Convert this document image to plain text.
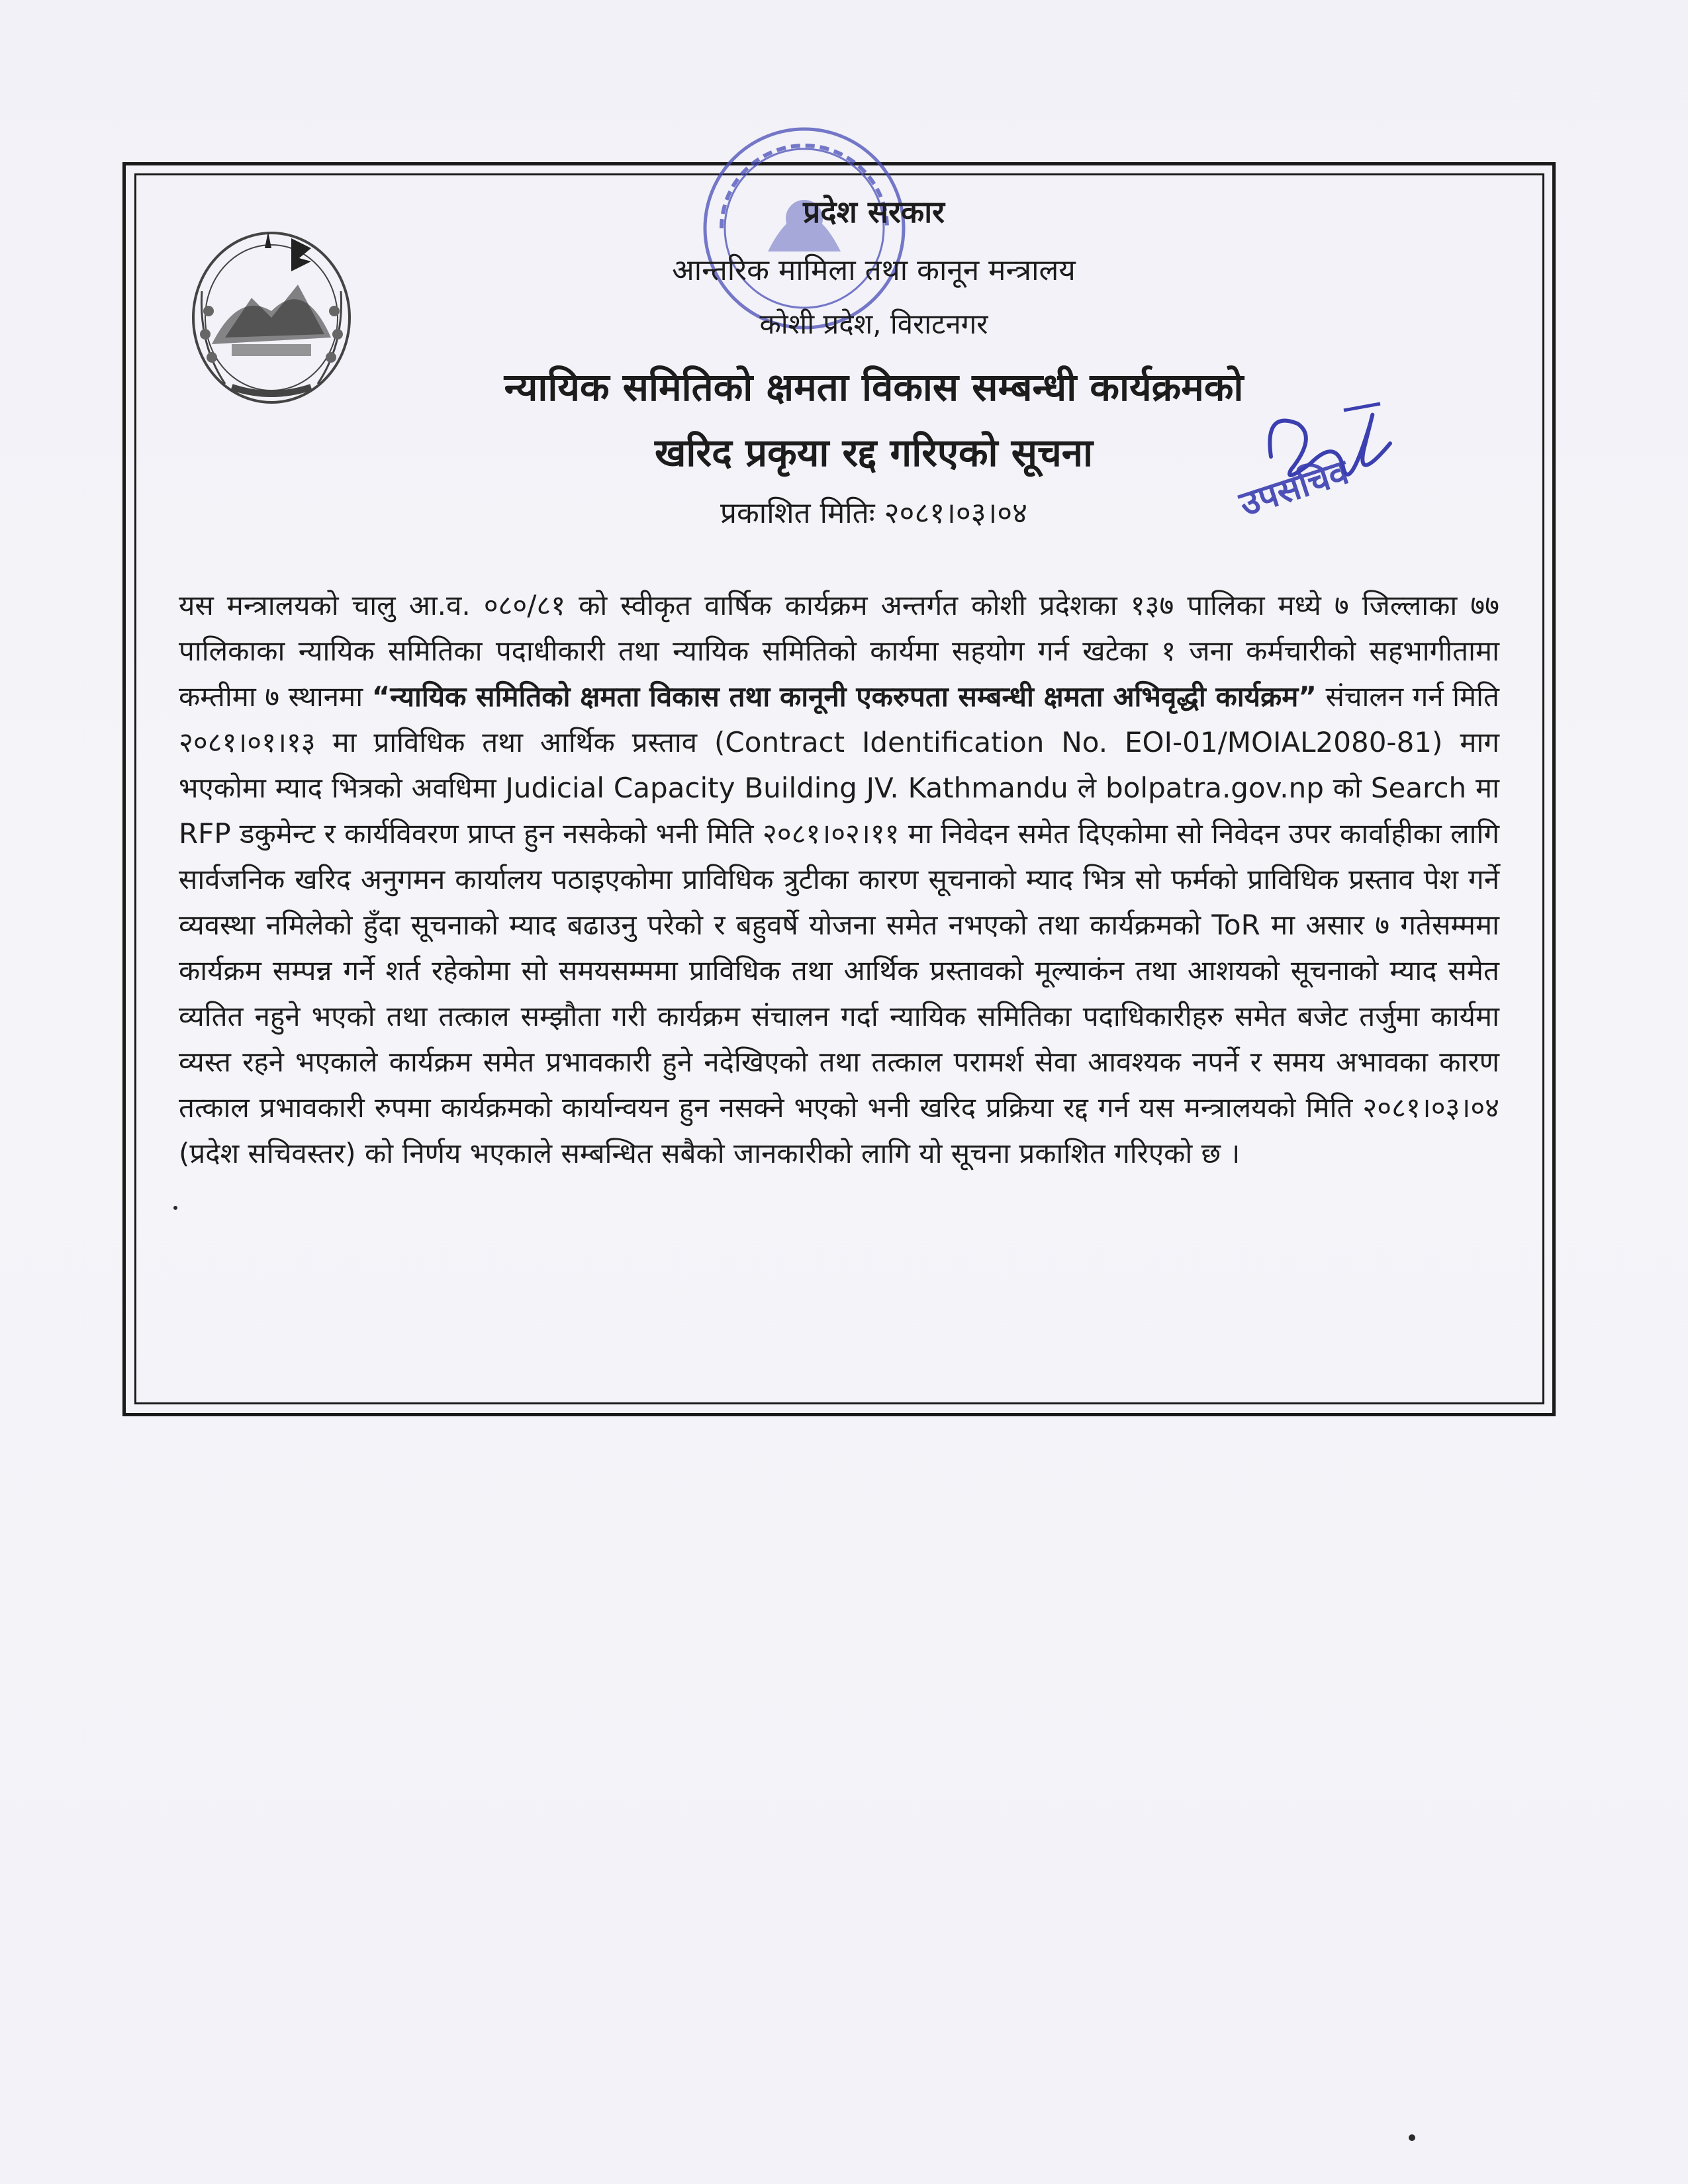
प्रदेश सरकार
आन्तरिक मामिला तथा कानून मन्त्रालय
कोशी प्रदेश, विराटनगर
न्यायिक समितिको क्षमता विकास सम्बन्धी कार्यक्रमको
खरिद प्रकृया रद्द गरिएको सूचना
प्रकाशित मितिः २०८१।०३।०४	उपसचिव

यस मन्त्रालयको चालु आ.व. ०८०/८१ को स्वीकृत वार्षिक कार्यक्रम अन्तर्गत कोशी प्रदेशका १३७ पालिका मध्ये ७ जिल्लाका ७७ पालिकाका न्यायिक समितिका पदाधीकारी तथा न्यायिक समितिको कार्यमा सहयोग गर्न खटेका १ जना कर्मचारीको सहभागीतामा कम्तीमा ७ स्थानमा “न्यायिक समितिको क्षमता विकास तथा कानूनी एकरुपता सम्बन्धी क्षमता अभिवृद्धी कार्यक्रम” संचालन गर्न मिति २०८१।०१।१३ मा प्राविधिक तथा आर्थिक प्रस्ताव (Contract Identification No. EOI-01/MOIAL2080-81) माग भएकोमा म्याद भित्रको अवधिमा Judicial Capacity Building JV. Kathmandu ले bolpatra.gov.np को Search मा RFP डकुमेन्ट र कार्यविवरण प्राप्त हुन नसकेको भनी मिति २०८१।०२।११ मा निवेदन समेत दिएकोमा सो निवेदन उपर कार्वाहीका लागि सार्वजनिक खरिद अनुगमन कार्यालय पठाइएकोमा प्राविधिक त्रुटीका कारण सूचनाको म्याद भित्र सो फर्मको प्राविधिक प्रस्ताव पेश गर्ने व्यवस्था नमिलेको हुँदा सूचनाको म्याद बढाउनु परेको र बहुवर्षे योजना समेत नभएको तथा कार्यक्रमको ToR मा असार ७ गतेसम्ममा कार्यक्रम सम्पन्न गर्ने शर्त रहेकोमा सो समयसम्ममा प्राविधिक तथा आर्थिक प्रस्तावको मूल्याकंन तथा आशयको सूचनाको म्याद समेत व्यतित नहुने भएको तथा तत्काल सम्झौता गरी कार्यक्रम संचालन गर्दा न्यायिक समितिका पदाधिकारीहरु समेत बजेट तर्जुमा कार्यमा व्यस्त रहने भएकाले कार्यक्रम समेत प्रभावकारी हुने नदेखिएको तथा तत्काल परामर्श सेवा आवश्यक नपर्ने र समय अभावका कारण तत्काल प्रभावकारी रुपमा कार्यक्रमको कार्यान्वयन हुन नसक्ने भएको भनी खरिद प्रक्रिया रद्द गर्न यस मन्त्रालयको मिति २०८१।०३।०४ (प्रदेश सचिवस्तर) को निर्णय भएकाले सम्बन्धित सबैको जानकारीको लागि यो सूचना प्रकाशित गरिएको छ ।
